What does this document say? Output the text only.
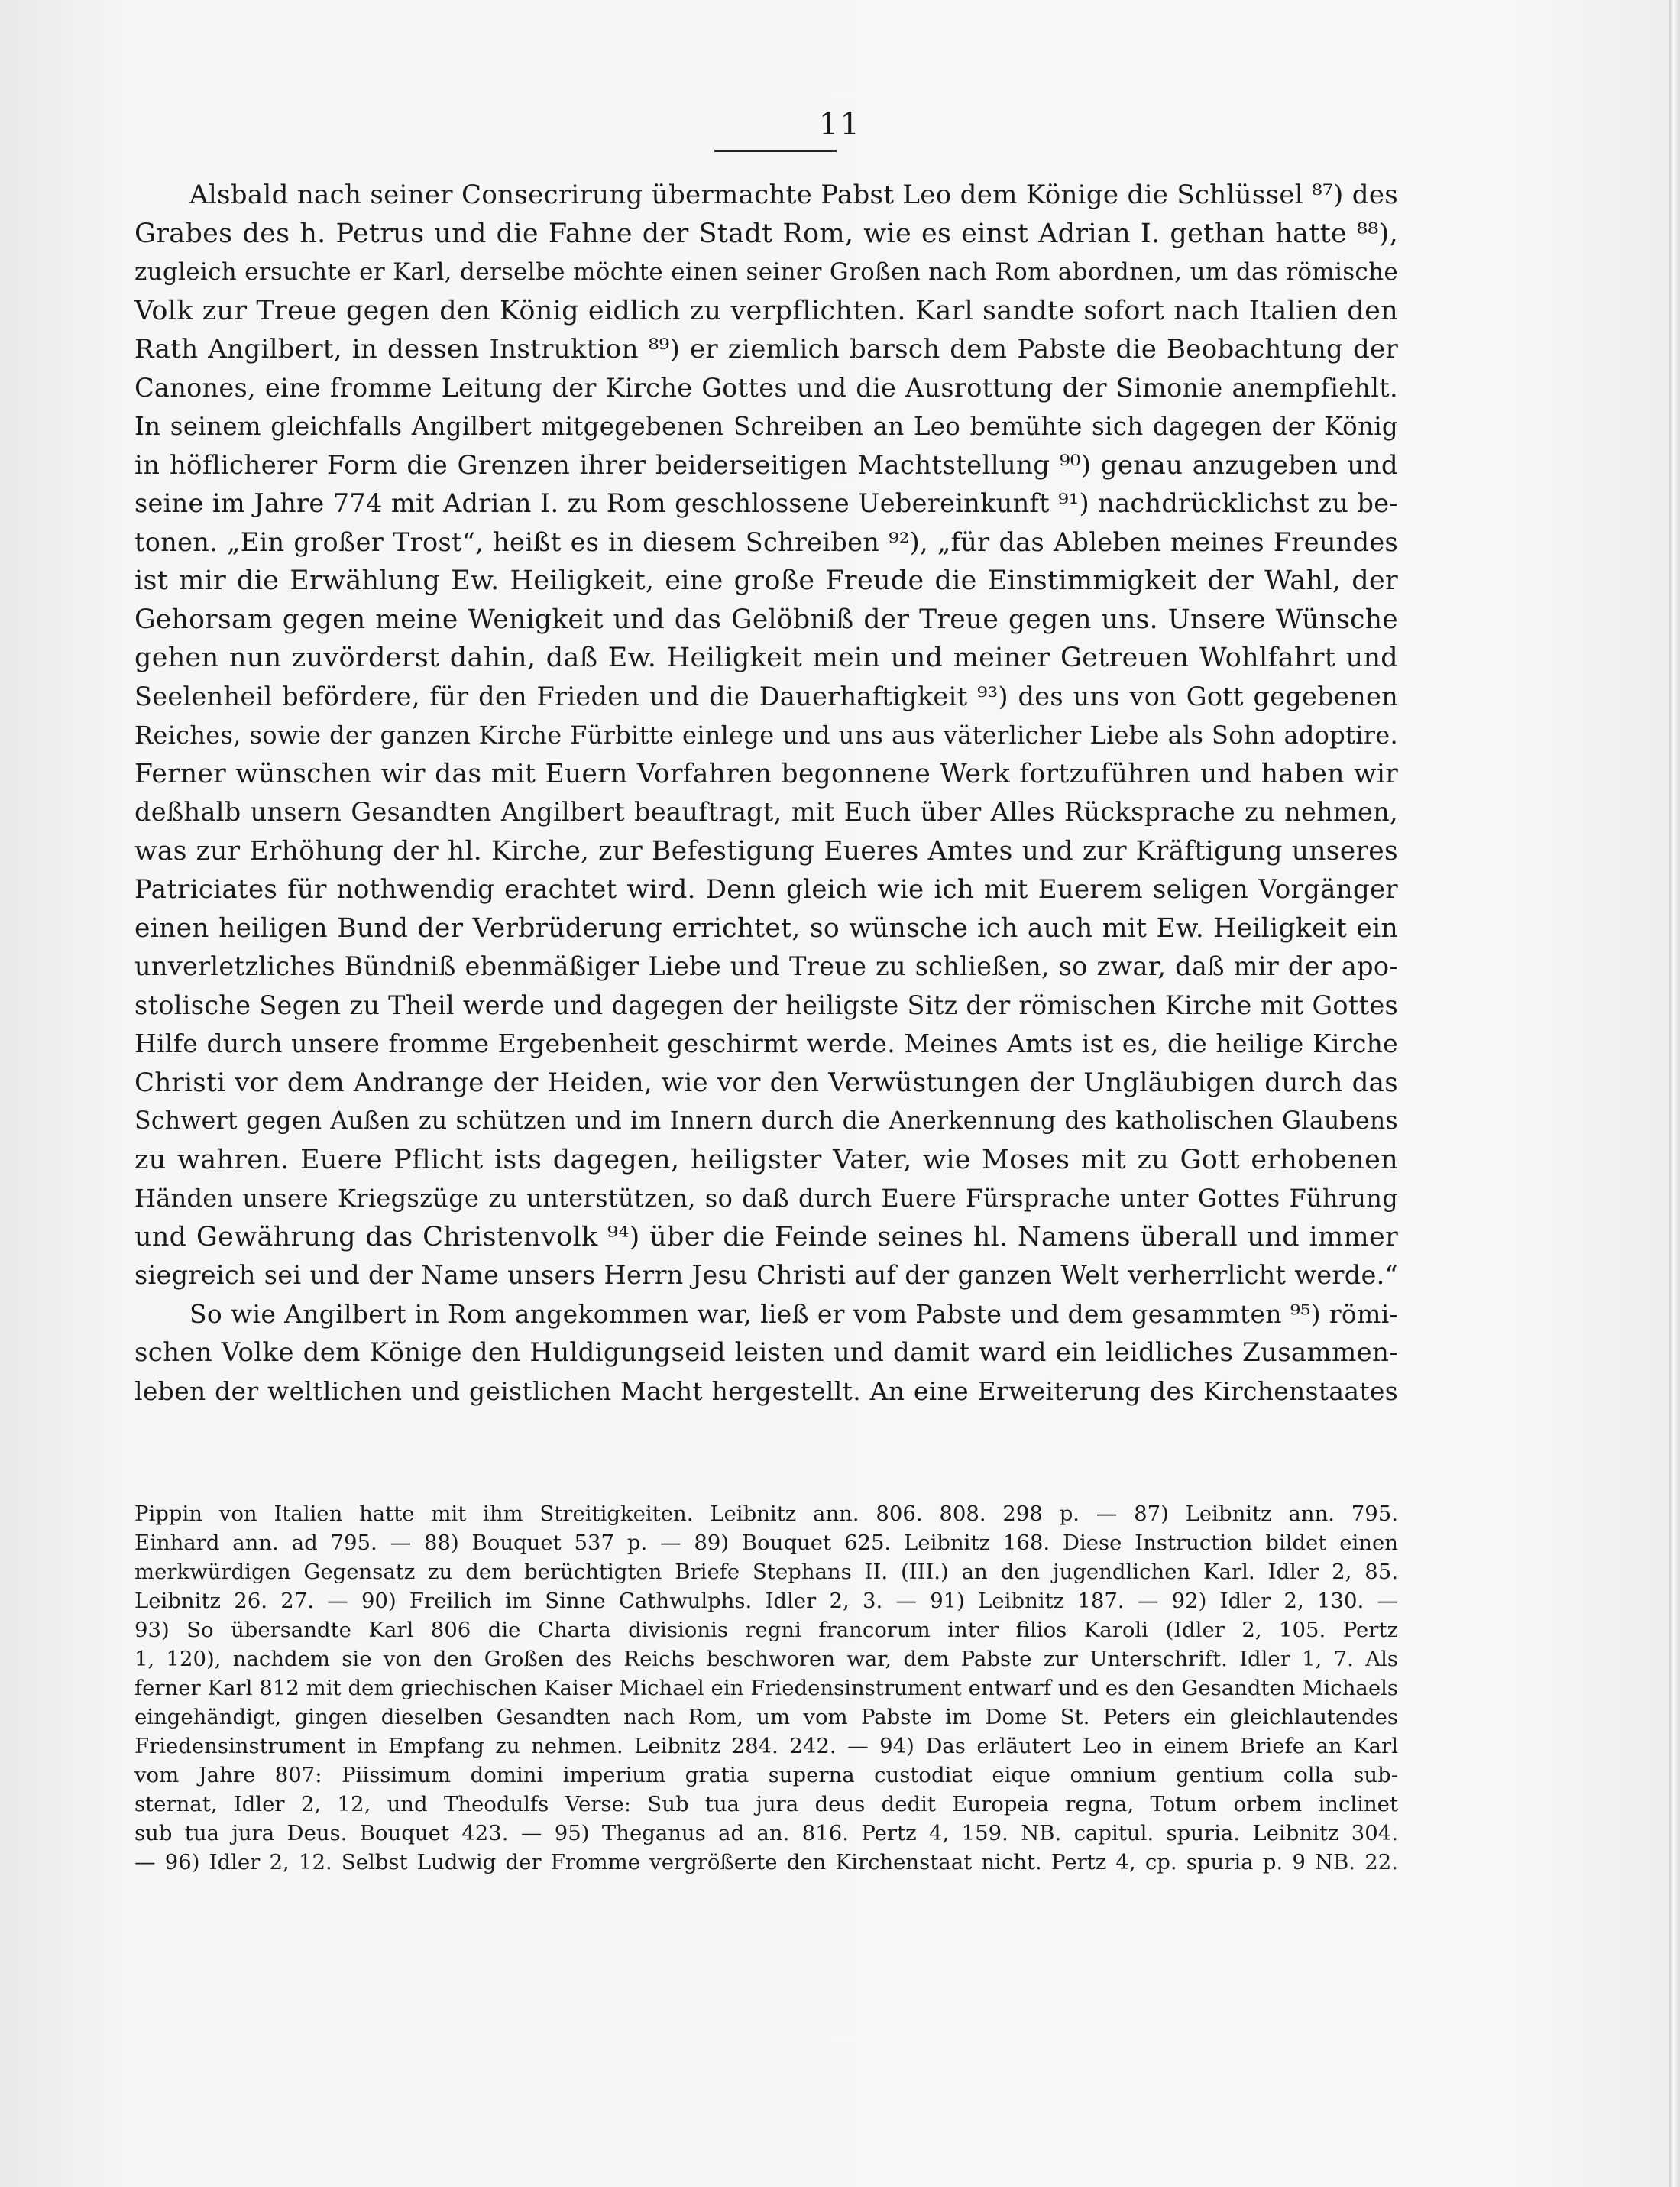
11
Alsbald nach seiner Consecrirung übermachte Pabst Leo dem Könige die Schlüssel ⁸⁷) des
Grabes des h. Petrus und die Fahne der Stadt Rom, wie es einst Adrian I. gethan hatte ⁸⁸),
zugleich ersuchte er Karl, derselbe möchte einen seiner Großen nach Rom abordnen, um das römische
Volk zur Treue gegen den König eidlich zu verpflichten. Karl sandte sofort nach Italien den
Rath Angilbert, in dessen Instruktion ⁸⁹) er ziemlich barsch dem Pabste die Beobachtung der
Canones, eine fromme Leitung der Kirche Gottes und die Ausrottung der Simonie anempfiehlt.
In seinem gleichfalls Angilbert mitgegebenen Schreiben an Leo bemühte sich dagegen der König
in höflicherer Form die Grenzen ihrer beiderseitigen Machtstellung ⁹⁰) genau anzugeben und
seine im Jahre 774 mit Adrian I. zu Rom geschlossene Uebereinkunft ⁹¹) nachdrücklichst zu be-
tonen. „Ein großer Trost“, heißt es in diesem Schreiben ⁹²), „für das Ableben meines Freundes
ist mir die Erwählung Ew. Heiligkeit, eine große Freude die Einstimmigkeit der Wahl, der
Gehorsam gegen meine Wenigkeit und das Gelöbniß der Treue gegen uns. Unsere Wünsche
gehen nun zuvörderst dahin, daß Ew. Heiligkeit mein und meiner Getreuen Wohlfahrt und
Seelenheil befördere, für den Frieden und die Dauerhaftigkeit ⁹³) des uns von Gott gegebenen
Reiches, sowie der ganzen Kirche Fürbitte einlege und uns aus väterlicher Liebe als Sohn adoptire.
Ferner wünschen wir das mit Euern Vorfahren begonnene Werk fortzuführen und haben wir
deßhalb unsern Gesandten Angilbert beauftragt, mit Euch über Alles Rücksprache zu nehmen,
was zur Erhöhung der hl. Kirche, zur Befestigung Eueres Amtes und zur Kräftigung unseres
Patriciates für nothwendig erachtet wird. Denn gleich wie ich mit Euerem seligen Vorgänger
einen heiligen Bund der Verbrüderung errichtet, so wünsche ich auch mit Ew. Heiligkeit ein
unverletzliches Bündniß ebenmäßiger Liebe und Treue zu schließen, so zwar, daß mir der apo-
stolische Segen zu Theil werde und dagegen der heiligste Sitz der römischen Kirche mit Gottes
Hilfe durch unsere fromme Ergebenheit geschirmt werde. Meines Amts ist es, die heilige Kirche
Christi vor dem Andrange der Heiden, wie vor den Verwüstungen der Ungläubigen durch das
Schwert gegen Außen zu schützen und im Innern durch die Anerkennung des katholischen Glaubens
zu wahren. Euere Pflicht ists dagegen, heiligster Vater, wie Moses mit zu Gott erhobenen
Händen unsere Kriegszüge zu unterstützen, so daß durch Euere Fürsprache unter Gottes Führung
und Gewährung das Christenvolk ⁹⁴) über die Feinde seines hl. Namens überall und immer
siegreich sei und der Name unsers Herrn Jesu Christi auf der ganzen Welt verherrlicht werde.“
So wie Angilbert in Rom angekommen war, ließ er vom Pabste und dem gesammten ⁹⁵) römi-
schen Volke dem Könige den Huldigungseid leisten und damit ward ein leidliches Zusammen-
leben der weltlichen und geistlichen Macht hergestellt. An eine Erweiterung des Kirchenstaates
Pippin von Italien hatte mit ihm Streitigkeiten. Leibnitz ann. 806. 808. 298 p. — 87) Leibnitz ann. 795.
Einhard ann. ad 795. — 88) Bouquet 537 p. — 89) Bouquet 625. Leibnitz 168. Diese Instruction bildet einen
merkwürdigen Gegensatz zu dem berüchtigten Briefe Stephans II. (III.) an den jugendlichen Karl. Idler 2, 85.
Leibnitz 26. 27. — 90) Freilich im Sinne Cathwulphs. Idler 2, 3. — 91) Leibnitz 187. — 92) Idler 2, 130. —
93) So übersandte Karl 806 die Charta divisionis regni francorum inter filios Karoli (Idler 2, 105. Pertz
1, 120), nachdem sie von den Großen des Reichs beschworen war, dem Pabste zur Unterschrift. Idler 1, 7. Als
ferner Karl 812 mit dem griechischen Kaiser Michael ein Friedensinstrument entwarf und es den Gesandten Michaels
eingehändigt, gingen dieselben Gesandten nach Rom, um vom Pabste im Dome St. Peters ein gleichlautendes
Friedensinstrument in Empfang zu nehmen. Leibnitz 284. 242. — 94) Das erläutert Leo in einem Briefe an Karl
vom Jahre 807: Piissimum domini imperium gratia superna custodiat eique omnium gentium colla sub-
sternat, Idler 2, 12, und Theodulfs Verse: Sub tua jura deus dedit Europeia regna, Totum orbem inclinet
sub tua jura Deus. Bouquet 423. — 95) Theganus ad an. 816. Pertz 4, 159. NB. capitul. spuria. Leibnitz 304.
— 96) Idler 2, 12. Selbst Ludwig der Fromme vergrößerte den Kirchenstaat nicht. Pertz 4, cp. spuria p. 9 NB. 22.
